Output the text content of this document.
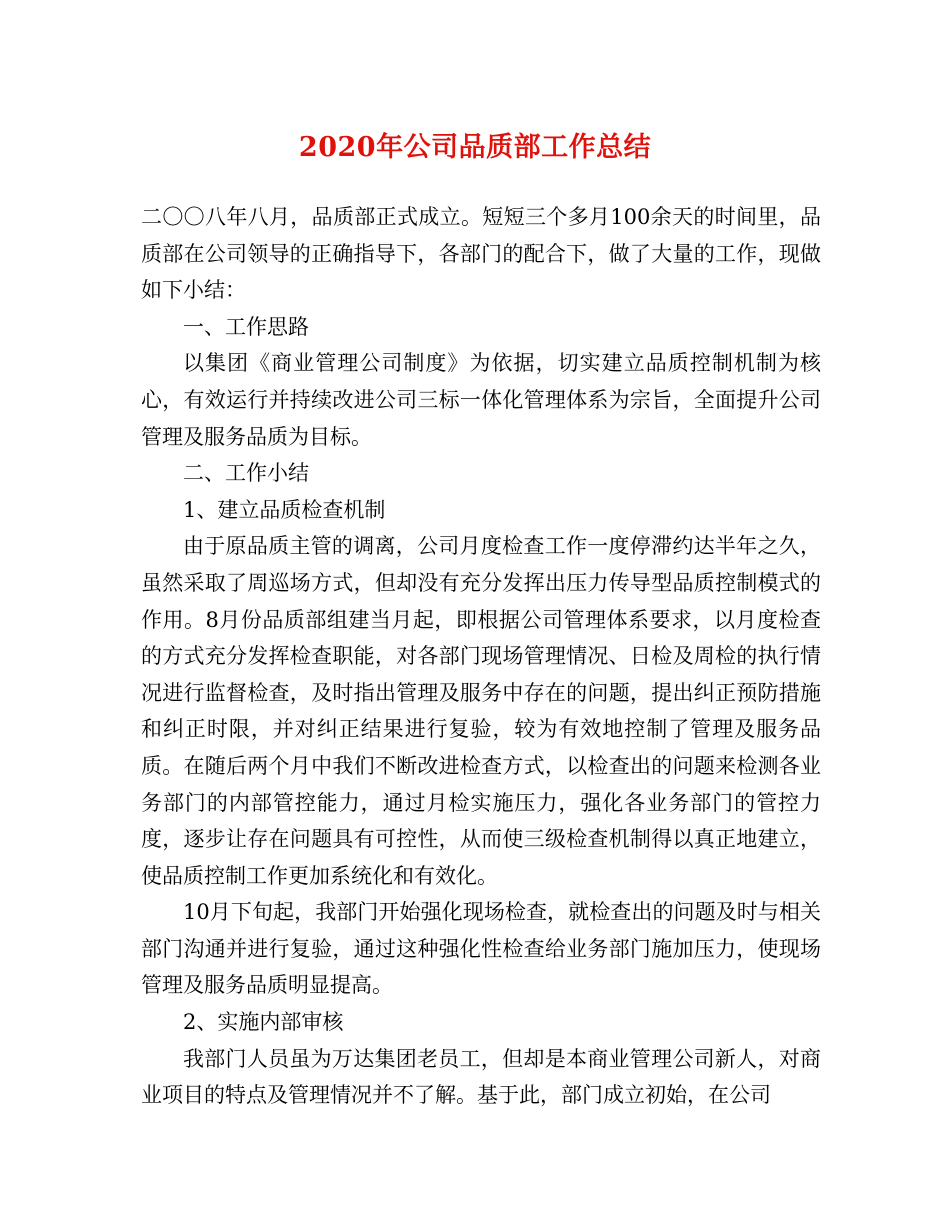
2020年公司品质部工作总结

二〇〇八年八月，品质部正式成立。短短三个多月100余天的时间里，品质部在公司领导的正确指导下，各部门的配合下，做了大量的工作，现做如下小结：

一、工作思路

以集团《商业管理公司制度》为依据，切实建立品质控制机制为核心，有效运行并持续改进公司三标一体化管理体系为宗旨，全面提升公司管理及服务品质为目标。

二、工作小结

1、建立品质检查机制

由于原品质主管的调离，公司月度检查工作一度停滞约达半年之久，虽然采取了周巡场方式，但却没有充分发挥出压力传导型品质控制模式的作用。8月份品质部组建当月起，即根据公司管理体系要求，以月度检查的方式充分发挥检查职能，对各部门现场管理情况、日检及周检的执行情况进行监督检查，及时指出管理及服务中存在的问题，提出纠正预防措施和纠正时限，并对纠正结果进行复验，较为有效地控制了管理及服务品质。在随后两个月中我们不断改进检查方式，以检查出的问题来检测各业务部门的内部管控能力，通过月检实施压力，强化各业务部门的管控力度，逐步让存在问题具有可控性，从而使三级检查机制得以真正地建立，使品质控制工作更加系统化和有效化。

10月下旬起，我部门开始强化现场检查，就检查出的问题及时与相关部门沟通并进行复验，通过这种强化性检查给业务部门施加压力，使现场管理及服务品质明显提高。

2、实施内部审核

我部门人员虽为万达集团老员工，但却是本商业管理公司新人，对商业项目的特点及管理情况并不了解。基于此，部门成立初始，在公司
